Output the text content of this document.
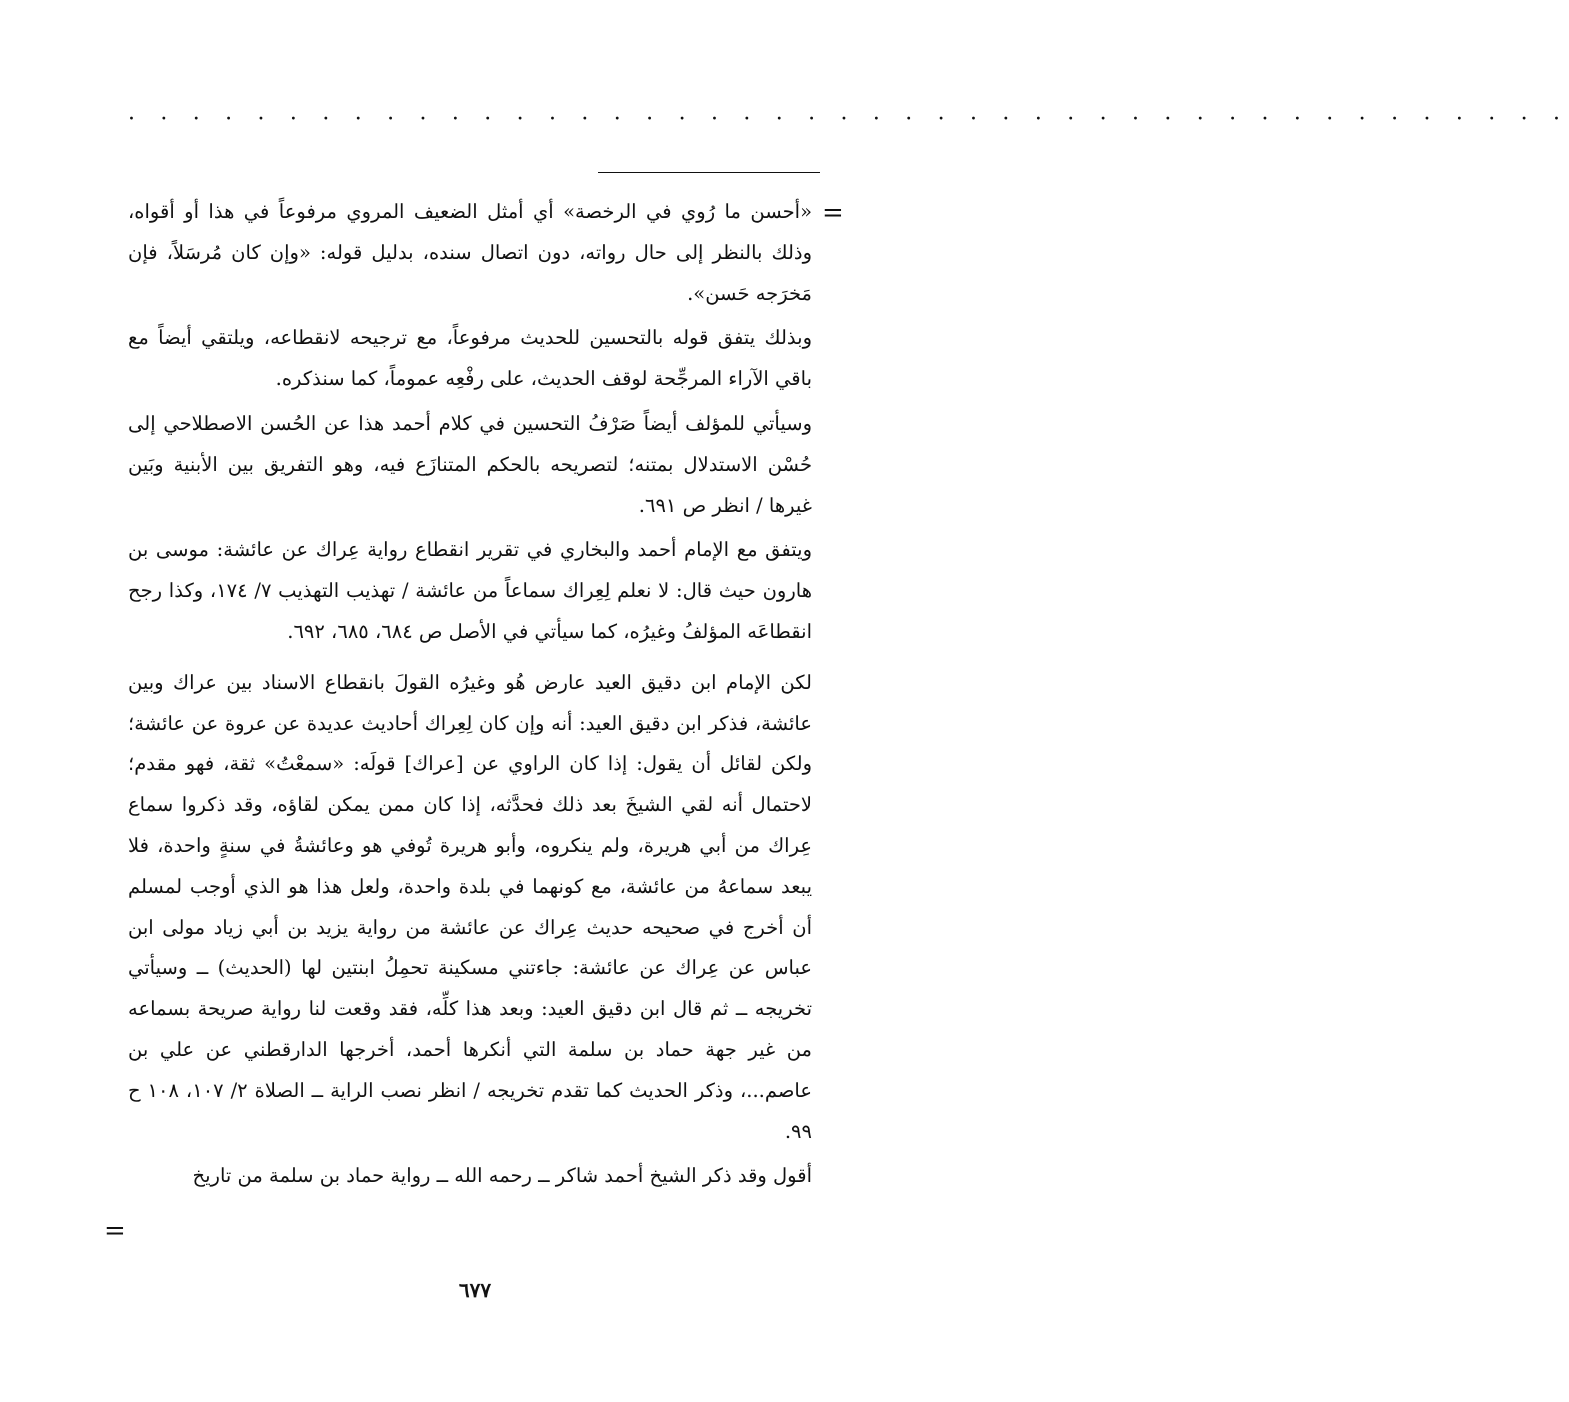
· · · · · · · · · · · · · · · · · · · · · · · · · · · · · · · · · · · · · · · · · · · · ·
=

«أحسن ما رُوي في الرخصة» أي أمثل الضعيف المروي مرفوعاً في هذا أو أقواه، وذلك بالنظر إلى حال رواته، دون اتصال سنده، بدليل قوله: «وإن كان مُرسَلاً، فإن مَخرَجه حَسن».

وبذلك يتفق قوله بالتحسين للحديث مرفوعاً، مع ترجيحه لانقطاعه، ويلتقي أيضاً مع باقي الآراء المرجِّحة لوقف الحديث، على رفْعِه عموماً، كما سنذكره.

وسيأتي للمؤلف أيضاً صَرْفُ التحسين في كلام أحمد هذا عن الحُسن الاصطلاحي إلى حُسْن الاستدلال بمتنه؛ لتصريحه بالحكم المتنازَع فيه، وهو التفريق بين الأبنية وبَين غيرها / انظر ص ٦٩١.

ويتفق مع الإمام أحمد والبخاري في تقرير انقطاع رواية عِراك عن عائشة: موسى بن هارون حيث قال: لا نعلم لِعِراك سماعاً من عائشة / تهذيب التهذيب ٧/ ١٧٤، وكذا رجح انقطاعَه المؤلفُ وغيرُه، كما سيأتي في الأصل ص ٦٨٤، ٦٨٥، ٦٩٢.

لكن الإمام ابن دقيق العيد عارض هُو وغيرُه القولَ بانقطاع الاسناد بين عراك وبين عائشة، فذكر ابن دقيق العيد: أنه وإن كان لِعِراك أحاديث عديدة عن عروة عن عائشة؛ ولكن لقائل أن يقول: إذا كان الراوي عن [عراك] قولَه: «سمعْتُ» ثقة، فهو مقدم؛ لاحتمال أنه لقي الشيخَ بعد ذلك فحدَّثه، إذا كان ممن يمكن لقاؤه، وقد ذكروا سماع عِراك من أبي هريرة، ولم ينكروه، وأبو هريرة تُوفي هو وعائشةُ في سنةٍ واحدة، فلا يبعد سماعهُ من عائشة، مع كونهما في بلدة واحدة، ولعل هذا هو الذي أوجب لمسلم أن أخرج في صحيحه حديث عِراك عن عائشة من رواية يزيد بن أبي زياد مولى ابن عباس عن عِراك عن عائشة: جاءتني مسكينة تحمِلُ ابنتين لها (الحديث) ــ وسيأتي تخريجه ــ ثم قال ابن دقيق العيد: وبعد هذا كلِّه، فقد وقعت لنا رواية صريحة بسماعه من غير جهة حماد بن سلمة التي أنكرها أحمد، أخرجها الدارقطني عن علي بن عاصم...، وذكر الحديث كما تقدم تخريجه / انظر نصب الراية ــ الصلاة ٢/ ١٠٧، ١٠٨ ح ٩٩.

أقول وقد ذكر الشيخ أحمد شاكر ــ رحمه الله ــ رواية حماد بن سلمة من تاريخ

=
٦٧٧
